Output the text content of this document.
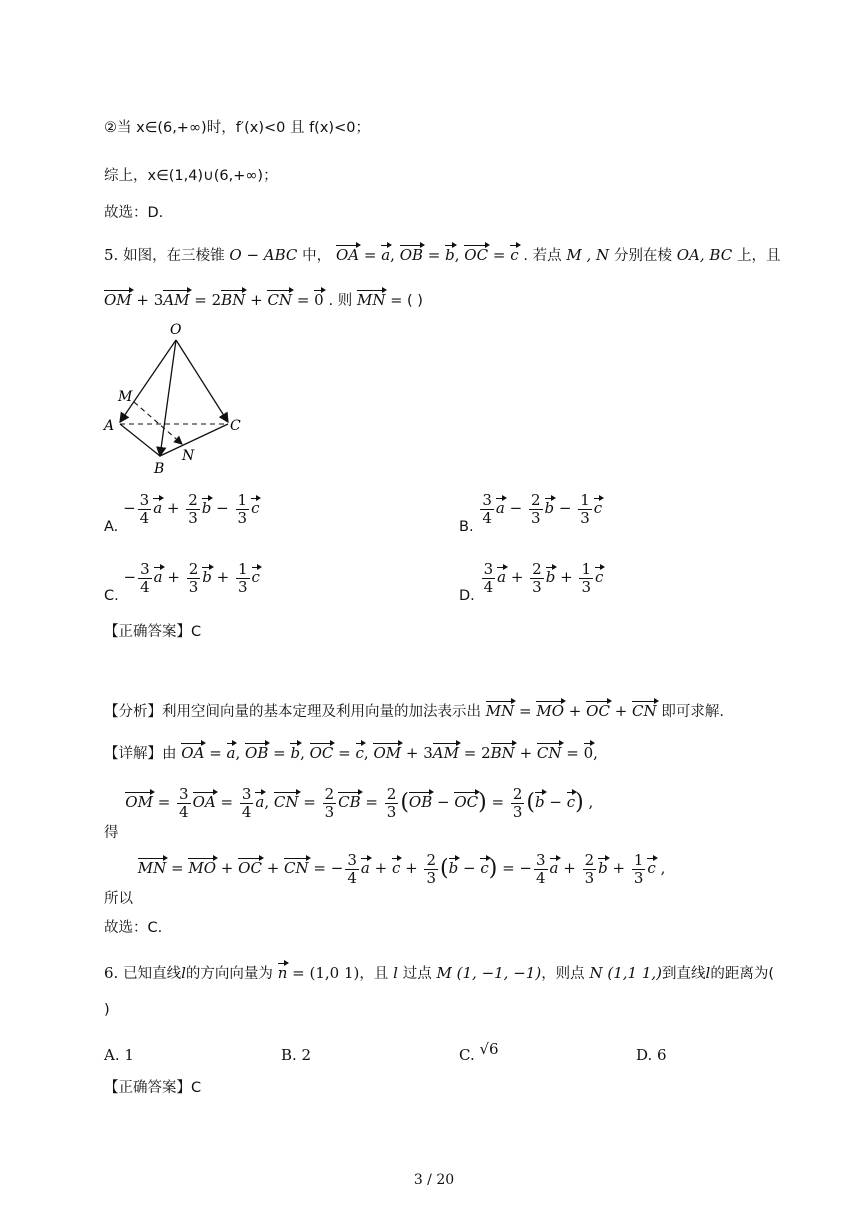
②当 x∈(6,+∞)时，f′(x)<0 且 f(x)<0；
综上，x∈(1,4)∪(6,+∞)；
故选：D.
5. 如图，在三棱锥 O − ABC 中， OA = a, OB = b, OC = c . 若点 M , N 分别在棱 OA, BC 上，且
OM + 3AM = 2BN + CN = 0 . 则 MN = ( )
O
M
A	C
N
B
A. − $\frac{3}{4}$ $a + \frac{2}{3}$ $b - \frac{1}{3}$ c
B.
$\frac{3}{4}$ $a - \frac{2}{3}$ $b - \frac{1}{3}$ c
C. − $\frac{3}{4}$ $a + \frac{2}{3}$ $b + \frac{1}{3}$ c
D.
$\frac{3}{4}$ $a + \frac{2}{3}$ $b + \frac{1}{3}$ c
【正确答案】C
【分析】利用空间向量的基本定理及利用向量的加法表示出 MN = MO + OC + CN 即可求解.
【详解】由 OA = a, OB = b, OC = c, OM + 3AM = 2BN + CN = 0,
得 OM = $\frac{3}{4}$ OA = $\frac{3}{4} a$, CN = $\frac{2}{3}$ CB = $\frac{2}{3} (OB - OC) = \frac{2}{3} (b - c)$ ,
所以 MN = MO + OC + CN = − $\frac{3}{4}$ $a + c + \frac{2}{3} (b - c)$ = − $\frac{3}{4}$ $a + \frac{2}{3}$ $b + \frac{1}{3}$ c ,
故选：C.
6. 已知直线l的方向向量为 n = (1,0 1)，且 l 过点 M (1, −1, −1)，则点 N (1,1 1,)到直线l的距离为(
)
A. 1	B. 2	C. √6	D. 6
【正确答案】C
3 / 20
